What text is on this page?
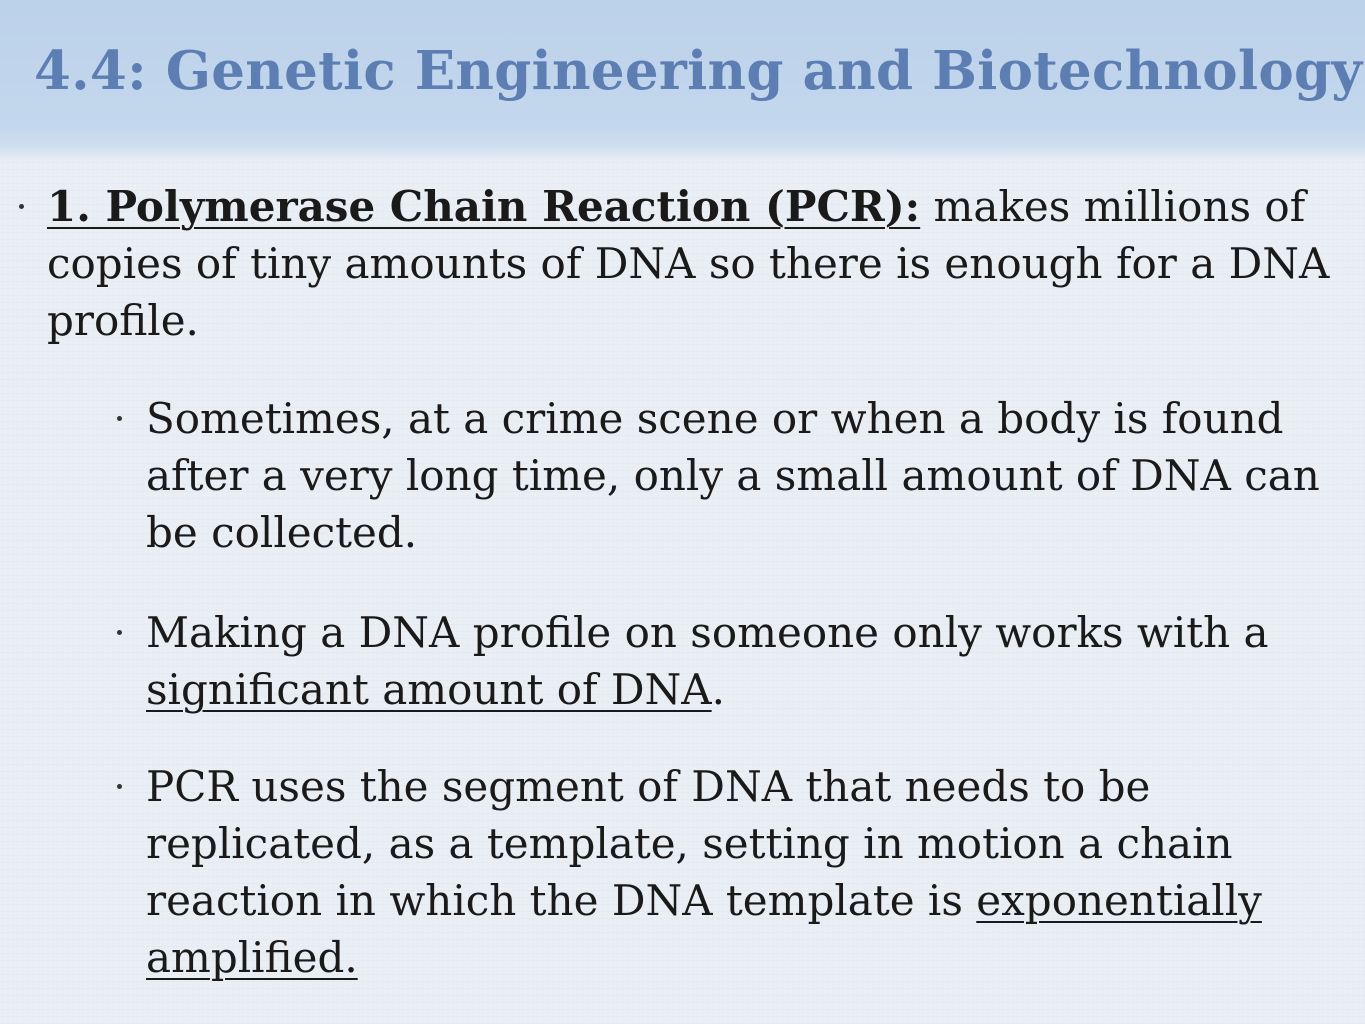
4.4: Genetic Engineering and Biotechnology
1. Polymerase Chain Reaction (PCR): makes millions of copies of tiny amounts of DNA so there is enough for a DNA profile.
Sometimes, at a crime scene or when a body is found after a very long time, only a small amount of DNA can be collected.
Making a DNA profile on someone only works with a significant amount of DNA.
PCR uses the segment of DNA that needs to be replicated, as a template, setting in motion a chain reaction in which the DNA template is exponentially amplified.
